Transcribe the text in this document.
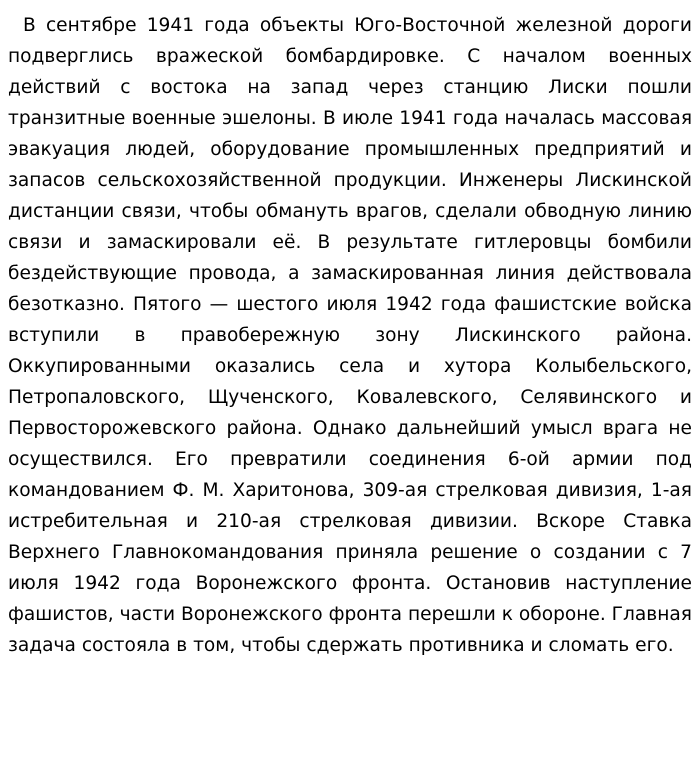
В сентябре 1941 года объекты Юго-Восточной железной дороги подверглись вражеской бомбардировке. С началом военных действий с востока на запад через станцию Лиски пошли транзитные военные эшелоны. В июле 1941 года началась массовая эвакуация людей, оборудование промышленных предприятий и запасов сельскохозяйственной продукции. Инженеры Лискинской дистанции связи, чтобы обмануть врагов, сделали обводную линию связи и замаскировали её. В результате гитлеровцы бомбили бездействующие провода, а замаскированная линия действовала безотказно. Пятого — шестого июля 1942 года фашистские войска вступили в правобережную зону Лискинского района. Оккупированными оказались села и хутора Колыбельского, Петропаловского, Щученского, Ковалевского, Селявинского и Первосторожевского района. Однако дальнейший умысл врага не осуществился. Его превратили соединения 6-ой армии под командованием Ф. М. Харитонова, 309-ая стрелковая дивизия, 1-ая истребительная и 210-ая стрелковая дивизии. Вскоре Ставка Верхнего Главнокомандования приняла решение о создании с 7 июля 1942 года Воронежского фронта. Остановив наступление фашистов, части Воронежского фронта перешли к обороне. Главная задача состояла в том, чтобы сдержать противника и сломать его.
